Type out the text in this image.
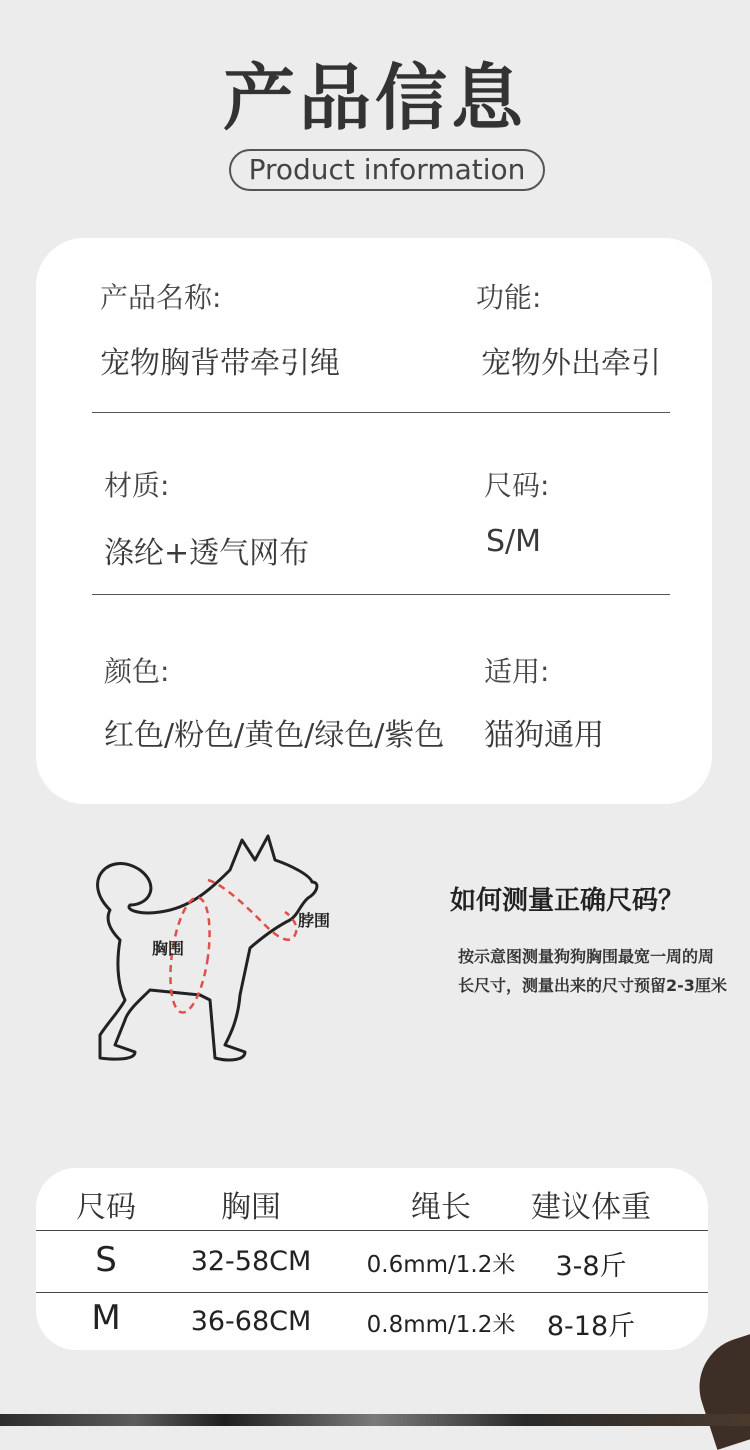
产品信息
Product information
产品名称:
宠物胸背带牵引绳
功能:
宠物外出牵引
材质:
涤纶+透气网布
尺码:
S/M
颜色:
红色/粉色/黄色/绿色/紫色
适用:
猫狗通用
胸围
脖围
如何测量正确尺码？
按示意图测量狗狗胸围最宽一周的周长尺寸，测量出来的尺寸预留2-3厘米
尺码	胸围	绳长	建议体重
S	32-58CM	0.6mm/1.2米	3-8斤
M	36-68CM	0.8mm/1.2米	8-18斤
